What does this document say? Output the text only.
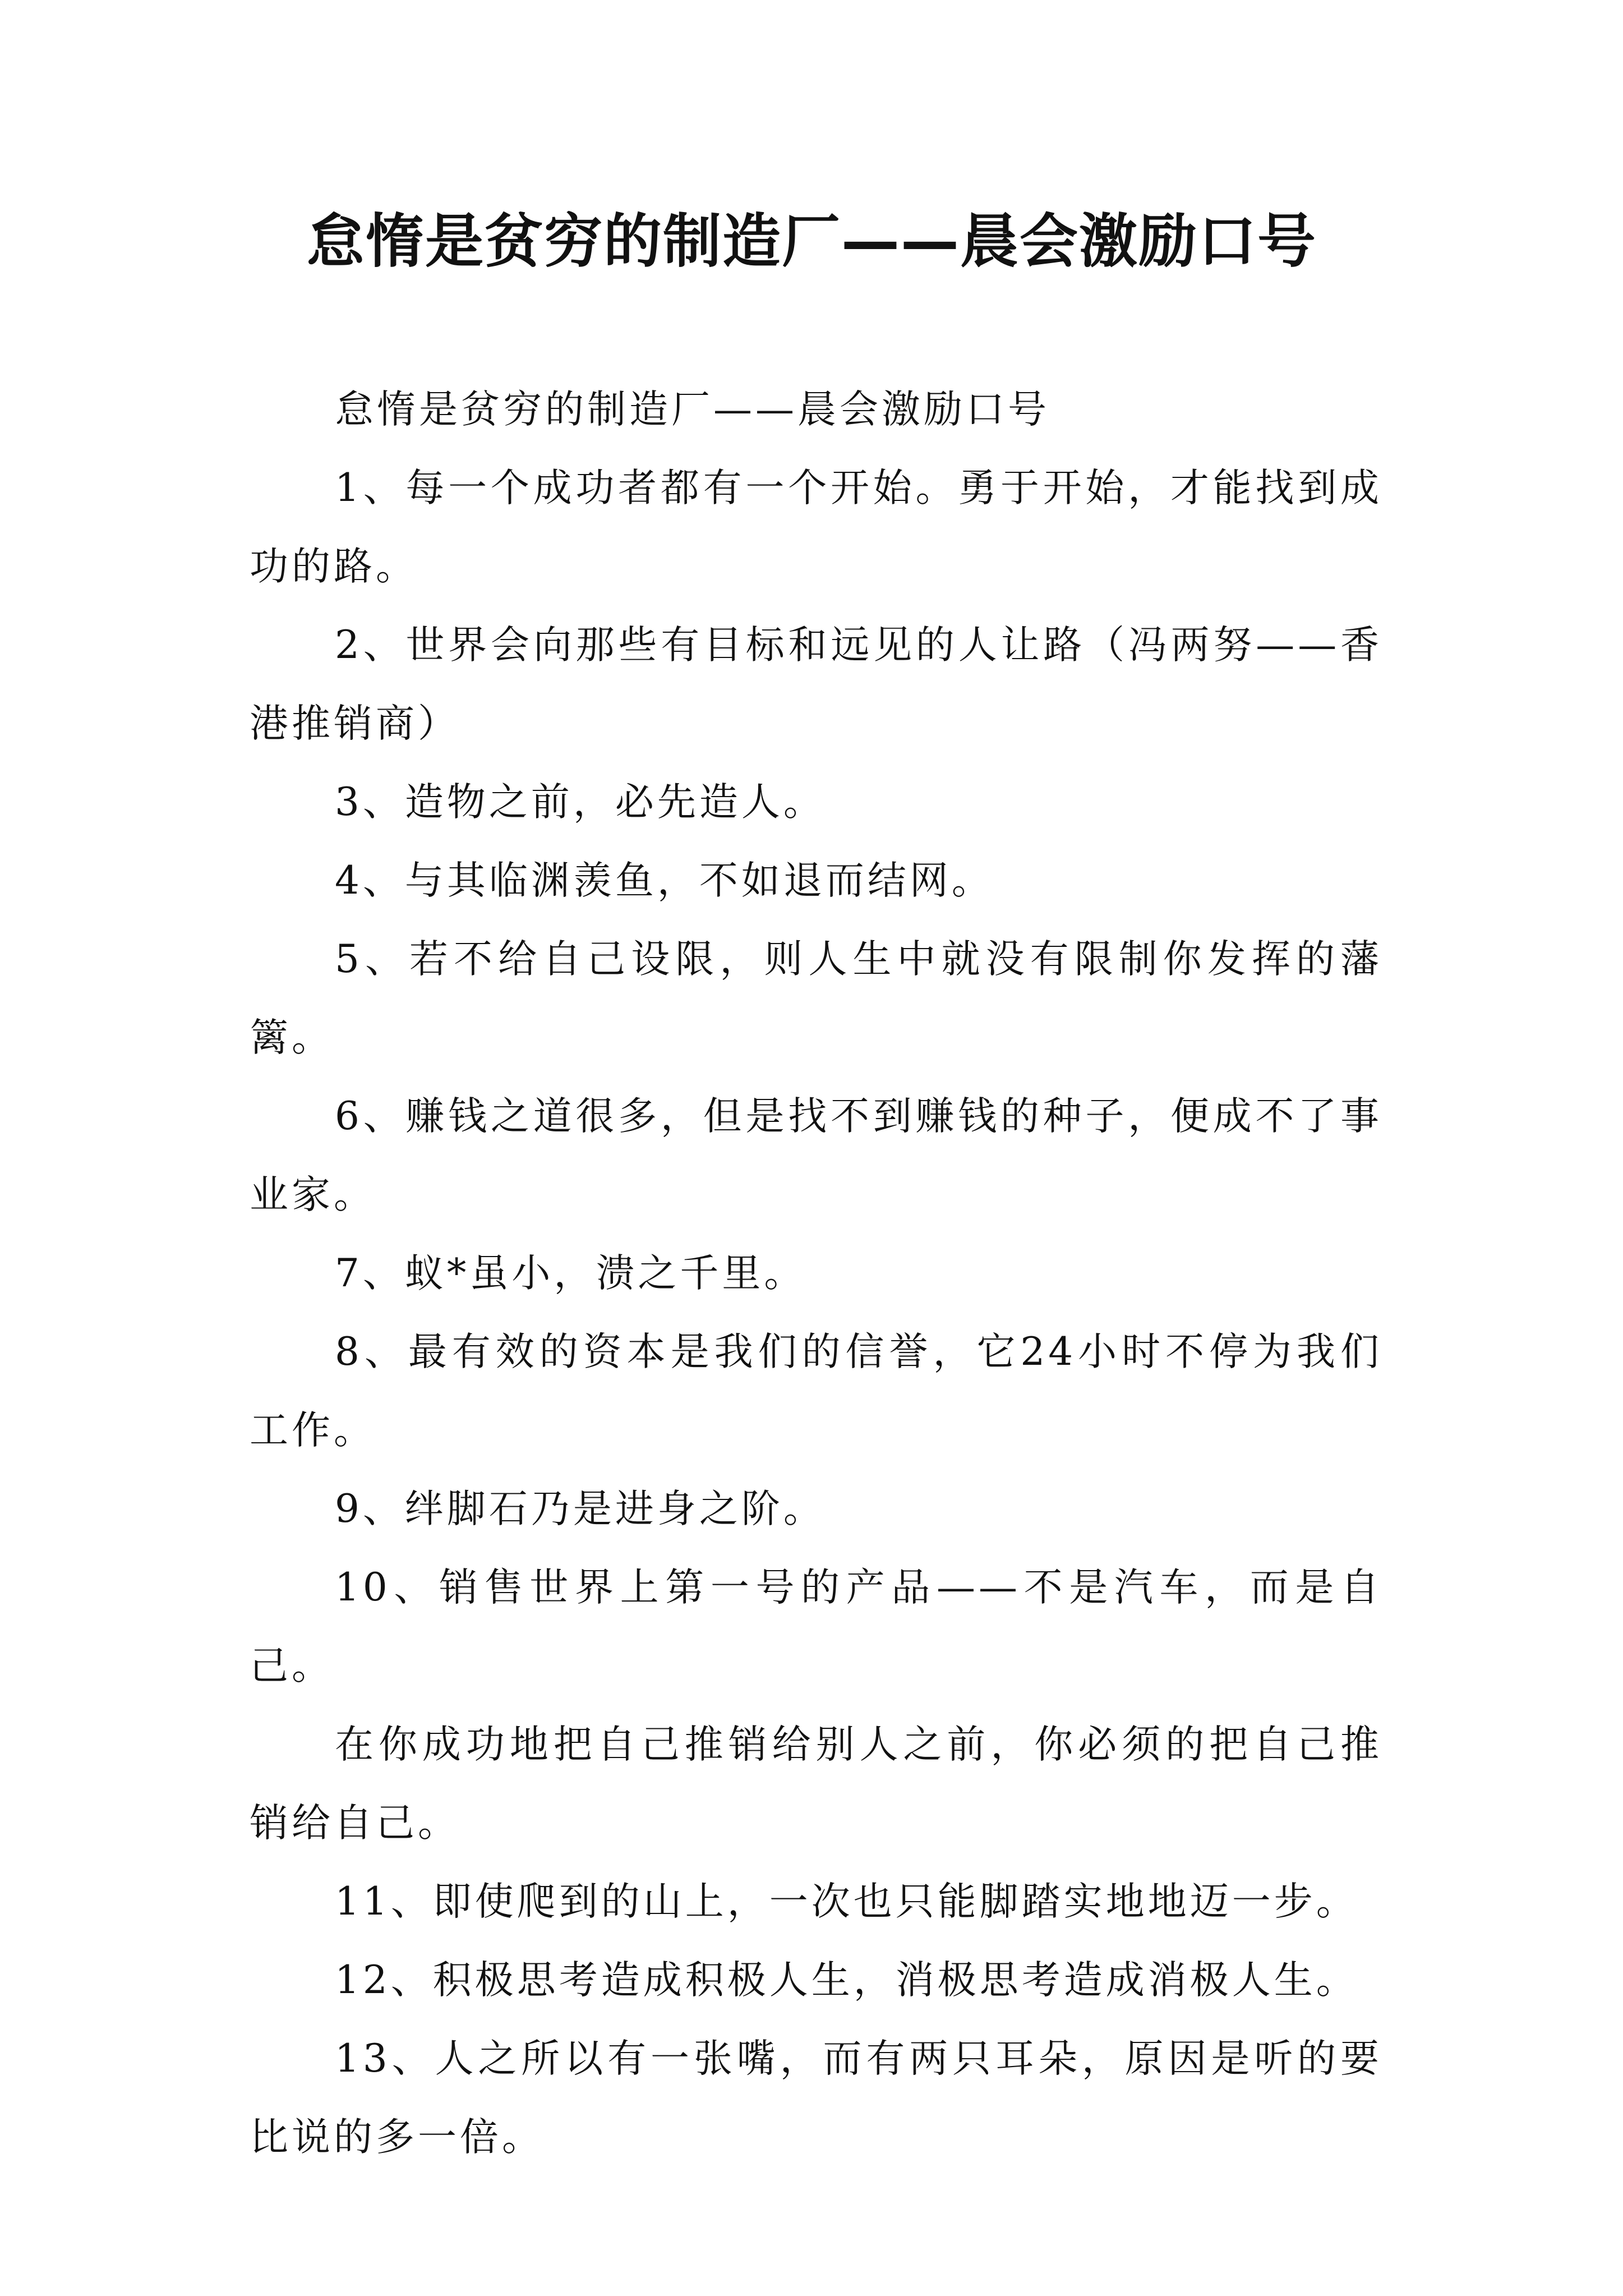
怠惰是贫穷的制造厂——晨会激励口号

怠惰是贫穷的制造厂——晨会激励口号

1、每一个成功者都有一个开始。勇于开始，才能找到成功的路。

2、世界会向那些有目标和远见的人让路（冯两努——香港推销商）

3、造物之前，必先造人。

4、与其临渊羡鱼，不如退而结网。

5、若不给自己设限，则人生中就没有限制你发挥的藩篱。

6、赚钱之道很多，但是找不到赚钱的种子，便成不了事业家。

7、蚁*虽小，溃之千里。

8、最有效的资本是我们的信誉，它24小时不停为我们工作。

9、绊脚石乃是进身之阶。

10、销售世界上第一号的产品——不是汽车，而是自己。

在你成功地把自己推销给别人之前，你必须的把自己推销给自己。

11、即使爬到的山上，一次也只能脚踏实地地迈一步。

12、积极思考造成积极人生，消极思考造成消极人生。

13、人之所以有一张嘴，而有两只耳朵，原因是听的要比说的多一倍。
